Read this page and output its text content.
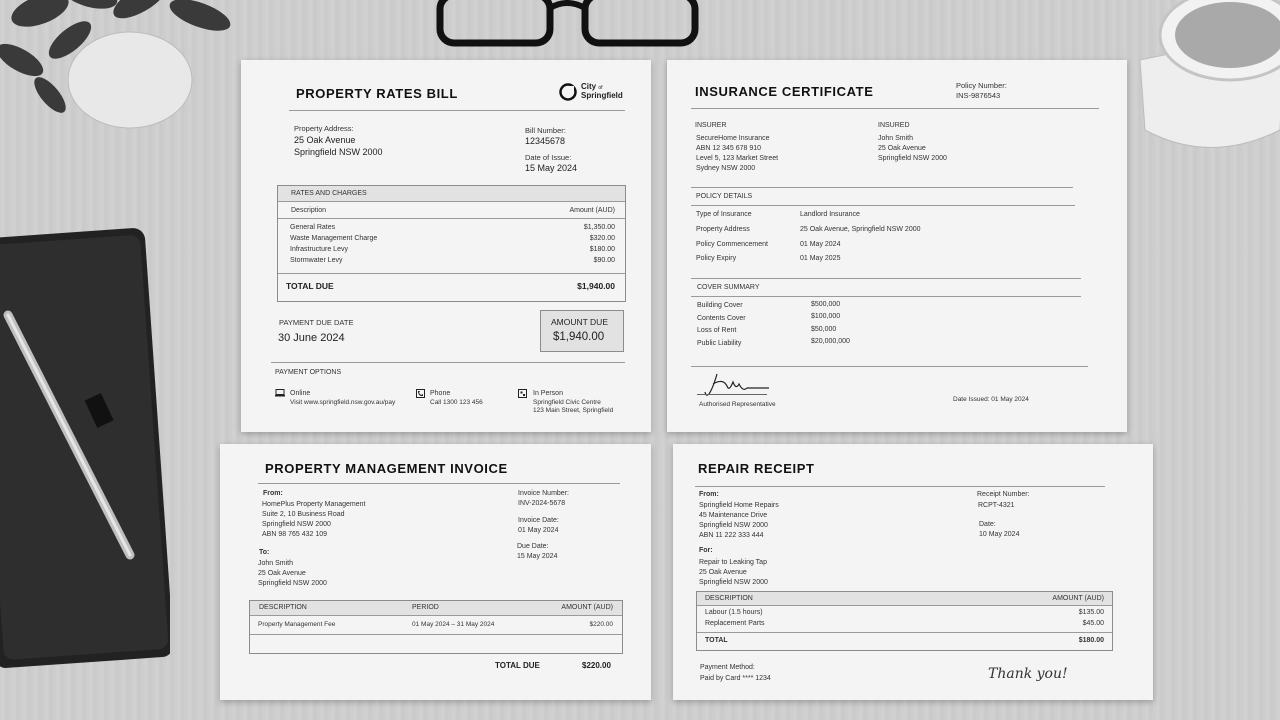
PROPERTY RATES BILL	City of
Springfield
Property Address:
25 Oak Avenue
Springfield NSW 2000
Bill Number:
12345678
Date of Issue:
15 May 2024
RATES AND CHARGES
Description	Amount (AUD)
General Rates	$1,350.00
Waste Management Charge	$320.00
Infrastructure Levy	$180.00
Stormwater Levy	$90.00
TOTAL DUE	$1,940.00
PAYMENT DUE DATE
30 June 2024
AMOUNT DUE
$1,940.00
PAYMENT OPTIONS
Online
Visit www.springfield.nsw.gov.au/pay
Phone
Call 1300 123 456
In Person
Springfield Civic Centre
123 Main Street, Springfield
INSURANCE CERTIFICATE	Policy Number:
INS-9876543
INSURER
SecureHome Insurance
ABN 12 345 678 910
Level 5, 123 Market Street
Sydney NSW 2000
INSURED
John Smith
25 Oak Avenue
Springfield NSW 2000
POLICY DETAILS
Type of Insurance	Landlord Insurance
Property Address	25 Oak Avenue, Springfield NSW 2000
Policy Commencement	01 May 2024
Policy Expiry	01 May 2025
COVER SUMMARY
Building Cover	$500,000
Contents Cover	$100,000
Loss of Rent	$50,000
Public Liability	$20,000,000
Authorised Representative
Date Issued: 01 May 2024
PROPERTY MANAGEMENT INVOICE
From:
HomePlus Property Management
Suite 2, 10 Business Road
Springfield NSW 2000
ABN 98 765 432 109
To:
John Smith
25 Oak Avenue
Springfield NSW 2000
Invoice Number:
INV-2024-5678
Invoice Date:
01 May 2024
Due Date:
15 May 2024
DESCRIPTION	PERIOD	AMOUNT (AUD)
Property Management Fee	01 May 2024 – 31 May 2024	$220.00
TOTAL DUE	$220.00
REPAIR RECEIPT
From:
Springfield Home Repairs
45 Maintenance Drive
Springfield NSW 2000
ABN 11 222 333 444
For:
Repair to Leaking Tap
25 Oak Avenue
Springfield NSW 2000
Receipt Number:
RCPT-4321
Date:
10 May 2024
DESCRIPTION	AMOUNT (AUD)
Labour (1.5 hours)	$135.00
Replacement Parts	$45.00
TOTAL	$180.00
Payment Method:
Paid by Card **** 1234	Thank you!
